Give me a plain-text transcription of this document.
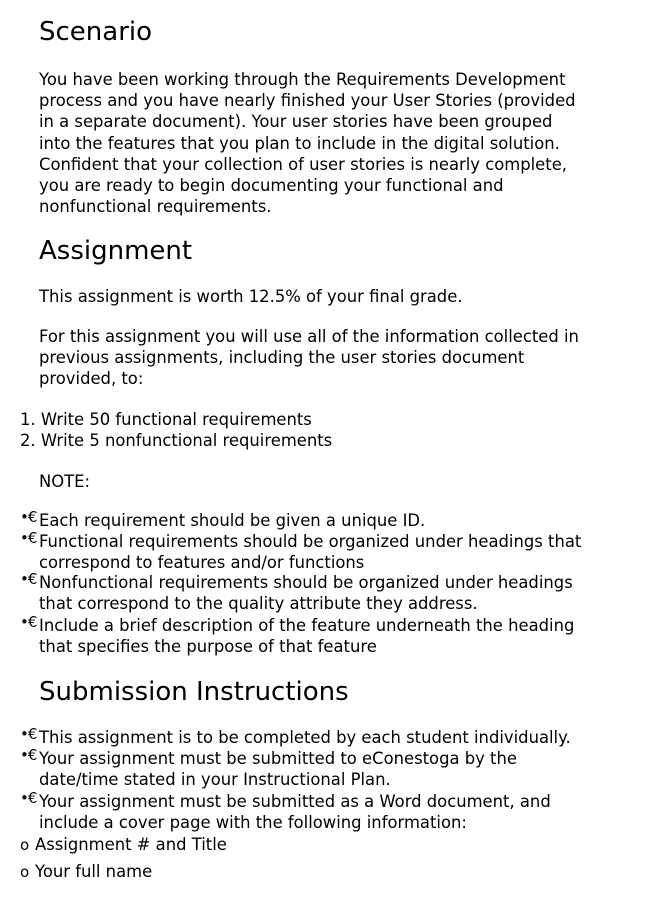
Scenario

You have been working through the Requirements Development
process and you have nearly finished your User Stories (provided
in a separate document). Your user stories have been grouped
into the features that you plan to include in the digital solution.
Confident that your collection of user stories is nearly complete,
you are ready to begin documenting your functional and
nonfunctional requirements.

Assignment

This assignment is worth 12.5% of your final grade.

For this assignment you will use all of the information collected in
previous assignments, including the user stories document
provided, to:

1. Write 50 functional requirements
2. Write 5 nonfunctional requirements

NOTE:

•€ Each requirement should be given a unique ID.
•€ Functional requirements should be organized under headings that
correspond to features and/or functions
•€ Nonfunctional requirements should be organized under headings
that correspond to the quality attribute they address.
•€ Include a brief description of the feature underneath the heading
that specifies the purpose of that feature
Submission Instructions
•€ This assignment is to be completed by each student individually.
•€ Your assignment must be submitted to eConestoga by the
date/time stated in your Instructional Plan.
•€ Your assignment must be submitted as a Word document, and
include a cover page with the following information:
o Assignment # and Title
o Your full name
